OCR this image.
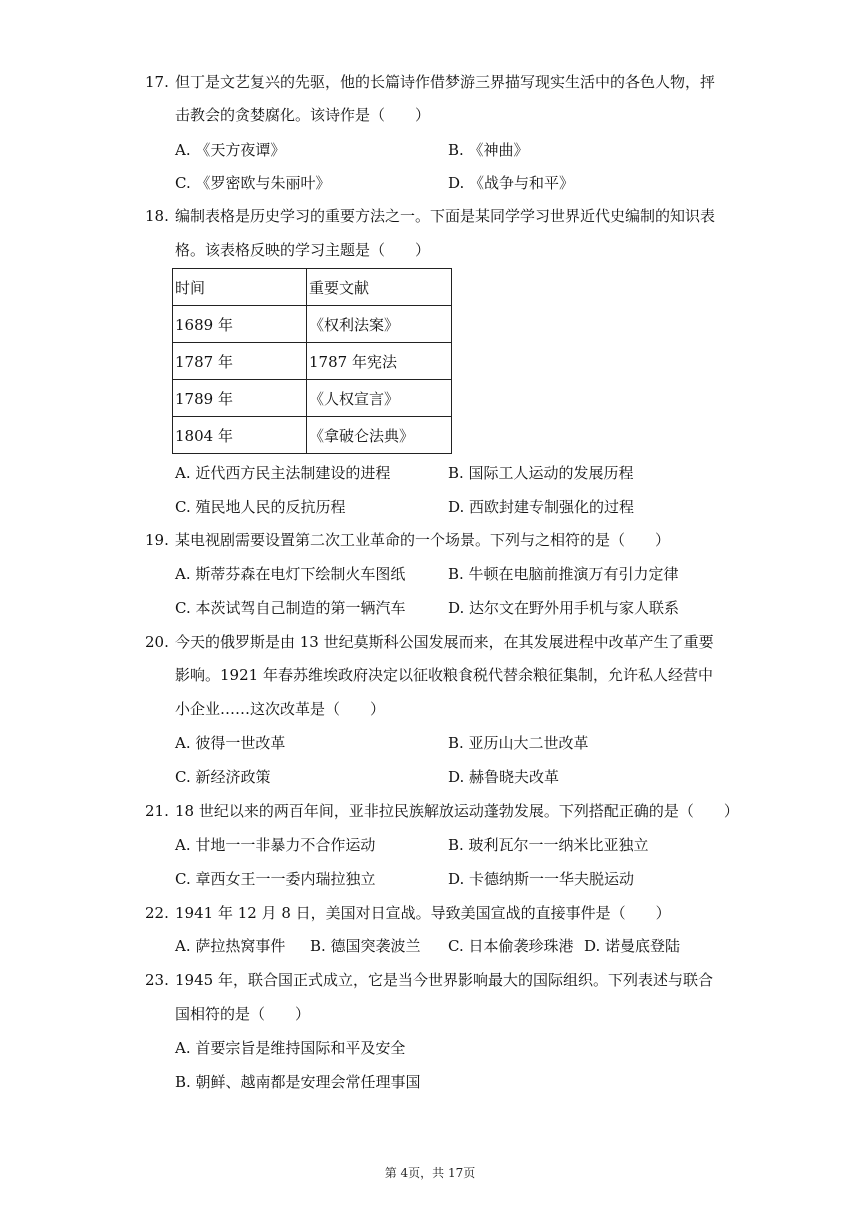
17. 但丁是文艺复兴的先驱，他的长篇诗作借梦游三界描写现实生活中的各色人物，抨
击教会的贪婪腐化。该诗作是（　　）
A. 《天方夜谭》	B. 《神曲》
C. 《罗密欧与朱丽叶》	D. 《战争与和平》
18. 编制表格是历史学习的重要方法之一。下面是某同学学习世界近代史编制的知识表
格。该表格反映的学习主题是（　　）
时间	重要文献
1689 年	《权利法案》
1787 年	1787 年宪法
1789 年	《人权宣言》
1804 年	《拿破仑法典》
A. 近代西方民主法制建设的进程	B. 国际工人运动的发展历程
C. 殖民地人民的反抗历程	D. 西欧封建专制强化的过程
19. 某电视剧需要设置第二次工业革命的一个场景。下列与之相符的是（　　）
A. 斯蒂芬森在电灯下绘制火车图纸	B. 牛顿在电脑前推演万有引力定律
C. 本茨试驾自己制造的第一辆汽车	D. 达尔文在野外用手机与家人联系
20. 今天的俄罗斯是由 13 世纪莫斯科公国发展而来，在其发展进程中改革产生了重要
影响。1921 年春苏维埃政府决定以征收粮食税代替余粮征集制，允许私人经营中
小企业……这次改革是（　　）
A. 彼得一世改革	B. 亚历山大二世改革
C. 新经济政策	D. 赫鲁晓夫改革
21. 18 世纪以来的两百年间，亚非拉民族解放运动蓬勃发展。下列搭配正确的是（　　）
A. 甘地一一非暴力不合作运动	B. 玻利瓦尔一一纳米比亚独立
C. 章西女王一一委内瑞拉独立	D. 卡德纳斯一一华夫脱运动
22. 1941 年 12 月 8 日，美国对日宣战。导致美国宣战的直接事件是（　　）
A. 萨拉热窝事件 B. 德国突袭波兰 C. 日本偷袭珍珠港 D. 诺曼底登陆
23. 1945 年，联合国正式成立，它是当今世界影响最大的国际组织。下列表述与联合
国相符的是（　　）
A. 首要宗旨是维持国际和平及安全
B. 朝鲜、越南都是安理会常任理事国
第 4页，共 17页
